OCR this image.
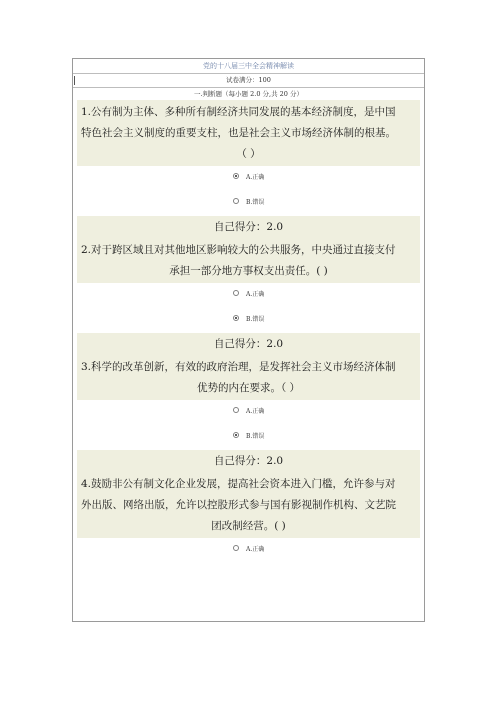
党的十八届三中全会精神解读
试卷满分：100
一.判断题（每小题 2.0 分,共 20 分）
1.公有制为主体、多种所有制经济共同发展的基本经济制度，是中国
特色社会主义制度的重要支柱，也是社会主义市场经济体制的根基。
（ ）
A.正确
B.错误
自己得分：2.0
2.对于跨区域且对其他地区影响较大的公共服务，中央通过直接支付
承担一部分地方事权支出责任。( )
A.正确
B.错误
自己得分：2.0
3.科学的改革创新，有效的政府治理，是发挥社会主义市场经济体制
优势的内在要求。（ ）
A.正确
B.错误
自己得分：2.0
4.鼓励非公有制文化企业发展，提高社会资本进入门槛，允许参与对
外出版、网络出版，允许以控股形式参与国有影视制作机构、文艺院
团改制经营。( )
A.正确
